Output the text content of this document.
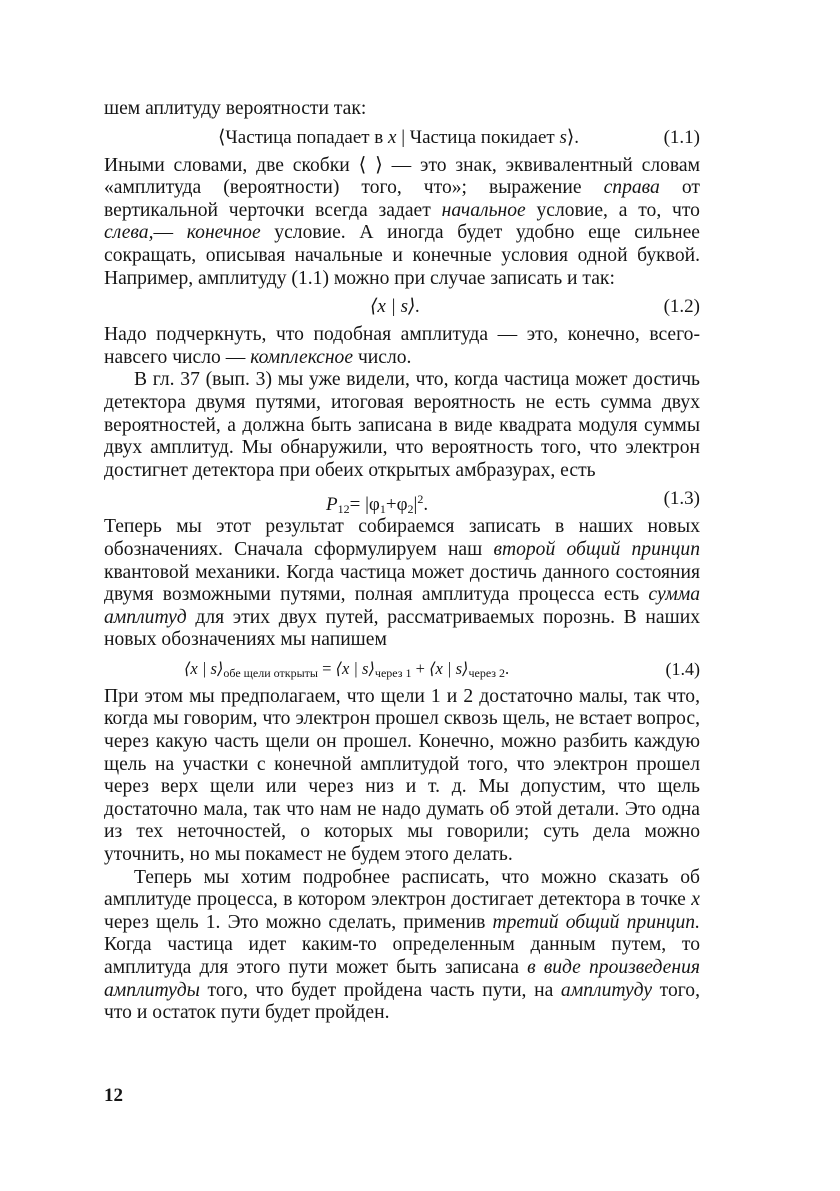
шем аплитуду вероятности так:

⟨Частица попадает в x | Частица покидает s⟩.	(1.1)

Иными словами, две скобки ⟨ ⟩ — это знак, эквивалентный словам «амплитуда (вероятности) того, что»; выражение справа от вертикальной черточки всегда задает начальное условие, а то, что слева,— конечное условие. А иногда будет удобно еще сильнее сокращать, описывая начальные и конечные условия одной буквой. Например, амплитуду (1.1) можно при случае записать и так:

⟨x | s⟩.	(1.2)

Надо подчеркнуть, что подобная амплитуда — это, конечно, всего-навсего число — комплексное число.

В гл. 37 (вып. 3) мы уже видели, что, когда частица может достичь детектора двумя путями, итоговая вероятность не есть сумма двух вероятностей, а должна быть записана в виде квадрата модуля суммы двух амплитуд. Мы обнаружили, что вероятность того, что электрон достигнет детектора при обеих открытых амбразурах, есть

$P_{12}= |\varphi_1+\varphi_2|^2$.	(1.3)

Теперь мы этот результат собираемся записать в наших новых обозначениях. Сначала сформулируем наш второй общий принцип квантовой механики. Когда частица может достичь данного состояния двумя возможными путями, полная амплитуда процесса есть сумма амплитуд для этих двух путей, рассматриваемых порознь. В наших новых обозначениях мы напишем

⟨x | $s⟩_{обе щели открыты}$ = ⟨x | $s⟩_{через 1}$ + ⟨x | $s⟩_{через 2}$.	(1.4)

При этом мы предполагаем, что щели 1 и 2 достаточно малы, так что, когда мы говорим, что электрон прошел сквозь щель, не встает вопрос, через какую часть щели он прошел. Конечно, можно разбить каждую щель на участки с конечной амплитудой того, что электрон прошел через верх щели или через низ и т. д. Мы допустим, что щель достаточно мала, так что нам не надо думать об этой детали. Это одна из тех неточностей, о которых мы говорили; суть дела можно уточнить, но мы покамест не будем этого делать.

Теперь мы хотим подробнее расписать, что можно сказать об амплитуде процесса, в котором электрон достигает детектора в точке x через щель 1. Это можно сделать, применив третий общий принцип. Когда частица идет каким-то определенным данным путем, то амплитуда для этого пути может быть записана в виде произведения амплитуды того, что будет пройдена часть пути, на амплитуду того, что и остаток пути будет пройден.

12
